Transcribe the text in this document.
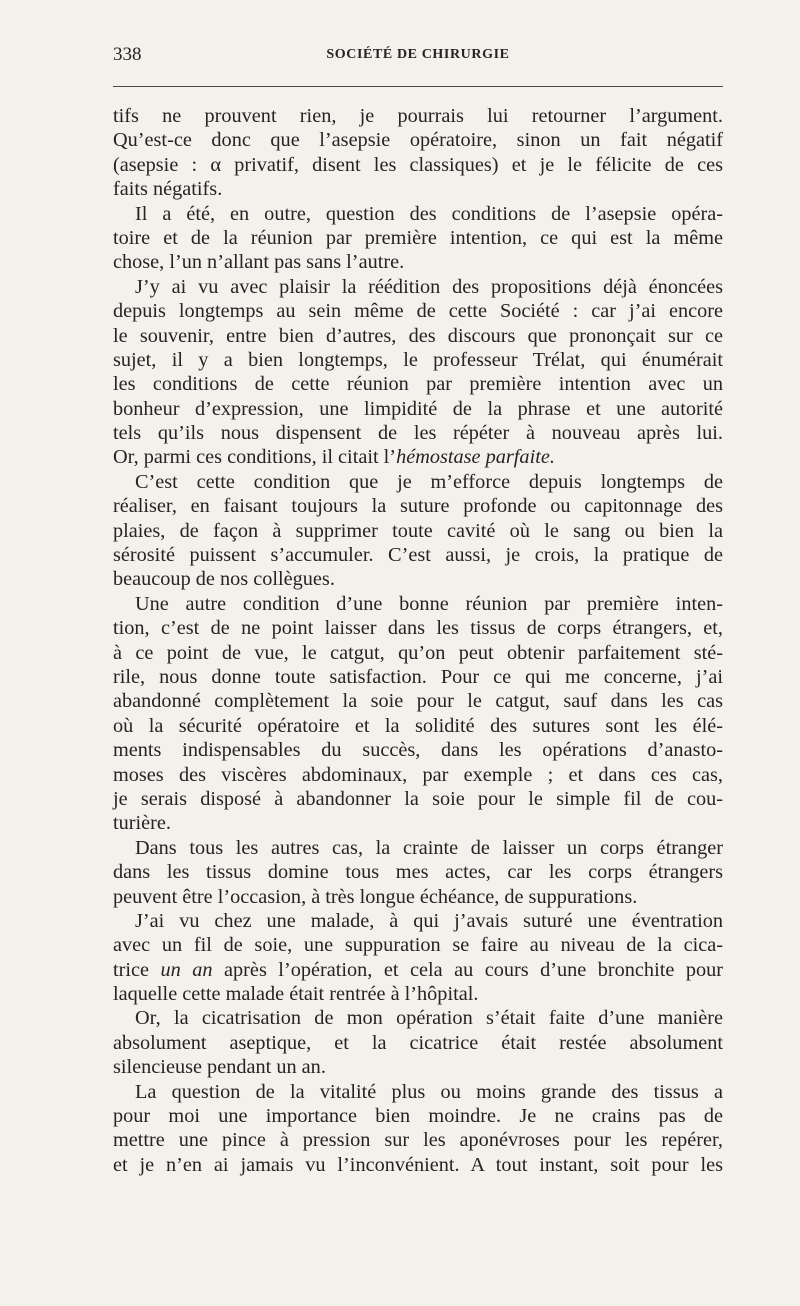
338	SOCIÉTÉ DE CHIRURGIE
tifs ne prouvent rien, je pourrais lui retourner l’argument.
Qu’est-ce donc que l’asepsie opératoire, sinon un fait négatif
(asepsie : α privatif, disent les classiques) et je le félicite de ces
faits négatifs.
Il a été, en outre, question des conditions de l’asepsie opéra-
toire et de la réunion par première intention, ce qui est la même
chose, l’un n’allant pas sans l’autre.
J’y ai vu avec plaisir la réédition des propositions déjà énoncées
depuis longtemps au sein même de cette Société : car j’ai encore
le souvenir, entre bien d’autres, des discours que prononçait sur ce
sujet, il y a bien longtemps, le professeur Trélat, qui énumérait
les conditions de cette réunion par première intention avec un
bonheur d’expression, une limpidité de la phrase et une autorité
tels qu’ils nous dispensent de les répéter à nouveau après lui.
Or, parmi ces conditions, il citait l’hémostase parfaite.
C’est cette condition que je m’efforce depuis longtemps de
réaliser, en faisant toujours la suture profonde ou capitonnage des
plaies, de façon à supprimer toute cavité où le sang ou bien la
sérosité puissent s’accumuler. C’est aussi, je crois, la pratique de
beaucoup de nos collègues.
Une autre condition d’une bonne réunion par première inten-
tion, c’est de ne point laisser dans les tissus de corps étrangers, et,
à ce point de vue, le catgut, qu’on peut obtenir parfaitement sté-
rile, nous donne toute satisfaction. Pour ce qui me concerne, j’ai
abandonné complètement la soie pour le catgut, sauf dans les cas
où la sécurité opératoire et la solidité des sutures sont les élé-
ments indispensables du succès, dans les opérations d’anasto-
moses des viscères abdominaux, par exemple ; et dans ces cas,
je serais disposé à abandonner la soie pour le simple fil de cou-
turière.
Dans tous les autres cas, la crainte de laisser un corps étranger
dans les tissus domine tous mes actes, car les corps étrangers
peuvent être l’occasion, à très longue échéance, de suppurations.
J’ai vu chez une malade, à qui j’avais suturé une éventration
avec un fil de soie, une suppuration se faire au niveau de la cica-
trice un an après l’opération, et cela au cours d’une bronchite pour
laquelle cette malade était rentrée à l’hôpital.
Or, la cicatrisation de mon opération s’était faite d’une manière
absolument aseptique, et la cicatrice était restée absolument
silencieuse pendant un an.
La question de la vitalité plus ou moins grande des tissus a
pour moi une importance bien moindre. Je ne crains pas de
mettre une pince à pression sur les aponévroses pour les repérer,
et je n’en ai jamais vu l’inconvénient. A tout instant, soit pour les
